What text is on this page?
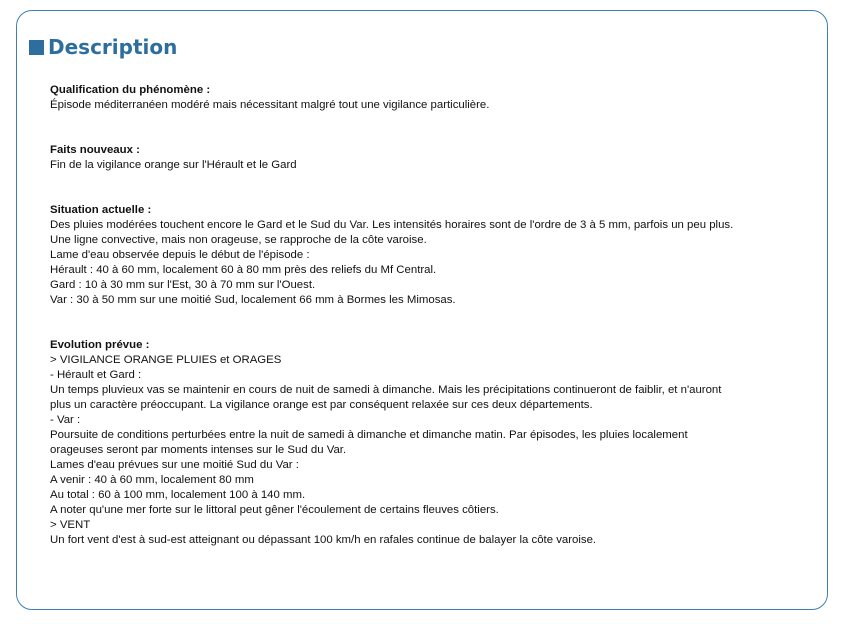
Description

Qualification du phénomène :

Épisode méditerranéen modéré mais nécessitant malgré tout une vigilance particulière.

Faits nouveaux :

Fin de la vigilance orange sur l'Hérault et le Gard

Situation actuelle :

Des pluies modérées touchent encore le Gard et le Sud du Var. Les intensités horaires sont de l'ordre de 3 à 5 mm, parfois un peu plus.

Une ligne convective, mais non orageuse, se rapproche de la côte varoise.

Lame d'eau observée depuis le début de l'épisode :

Hérault : 40 à 60 mm, localement 60 à 80 mm près des reliefs du Mf Central.

Gard : 10 à 30 mm sur l'Est, 30 à 70 mm sur l'Ouest.

Var : 30 à 50 mm sur une moitié Sud, localement 66 mm à Bormes les Mimosas.

Evolution prévue :

> VIGILANCE ORANGE PLUIES et ORAGES

- Hérault et Gard :

Un temps pluvieux vas se maintenir en cours de nuit de samedi à dimanche. Mais les précipitations continueront de faiblir, et n'auront

plus un caractère préoccupant. La vigilance orange est par conséquent relaxée sur ces deux départements.

- Var :

Poursuite de conditions perturbées entre la nuit de samedi à dimanche et dimanche matin. Par épisodes, les pluies localement

orageuses seront par moments intenses sur le Sud du Var.

Lames d'eau prévues sur une moitié Sud du Var :

A venir : 40 à 60 mm, localement 80 mm

Au total : 60 à 100 mm, localement 100 à 140 mm.

A noter qu'une mer forte sur le littoral peut gêner l'écoulement de certains fleuves côtiers.

> VENT

Un fort vent d'est à sud-est atteignant ou dépassant 100 km/h en rafales continue de balayer la côte varoise.
